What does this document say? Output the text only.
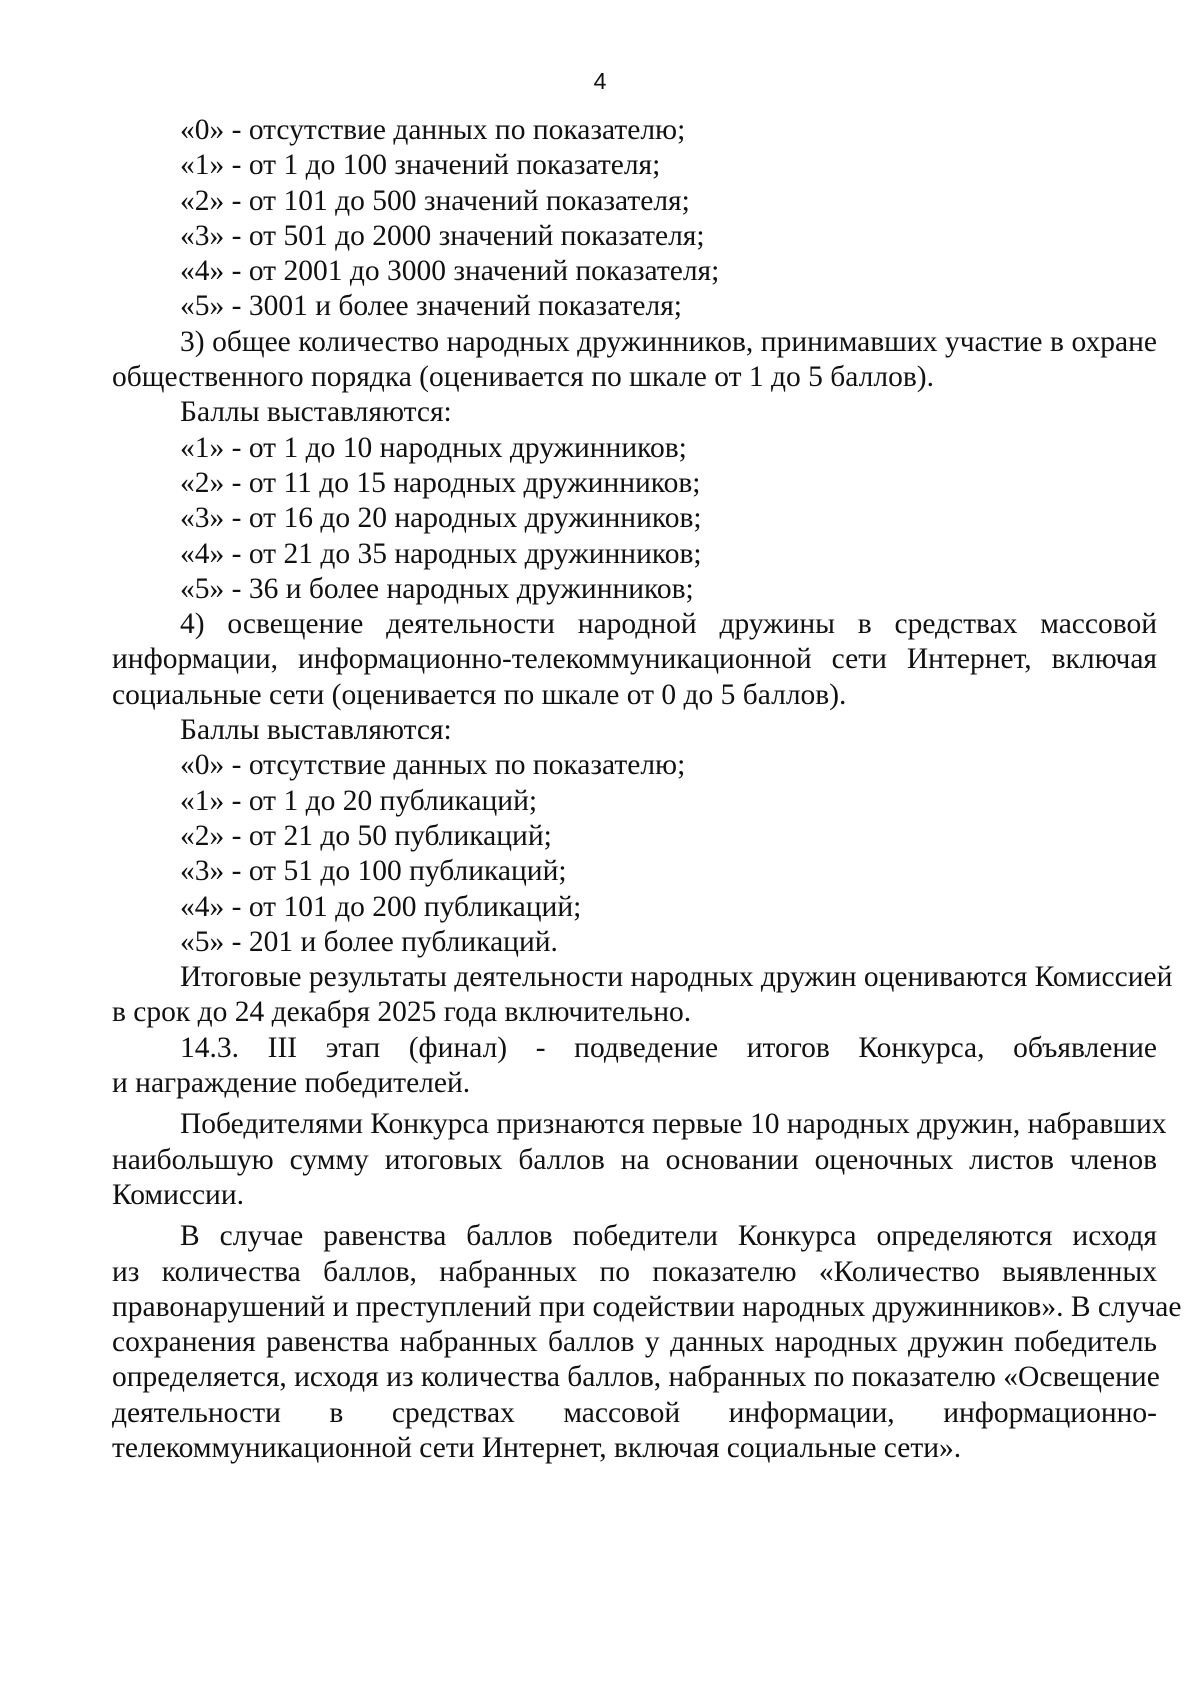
4
«0» - отсутствие данных по показателю;
«1» - от 1 до 100 значений показателя;
«2» - от 101 до 500 значений показателя;
«3» - от 501 до 2000 значений показателя;
«4» - от 2001 до 3000 значений показателя;
«5» - 3001 и более значений показателя;
3) общее количество народных дружинников, принимавших участие в охране
общественного порядка (оценивается по шкале от 1 до 5 баллов).
Баллы выставляются:
«1» - от 1 до 10 народных дружинников;
«2» - от 11 до 15 народных дружинников;
«3» - от 16 до 20 народных дружинников;
«4» - от 21 до 35 народных дружинников;
«5» - 36 и более народных дружинников;
4) освещение деятельности народной дружины в средствах массовой
информации, информационно-телекоммуникационной сети Интернет, включая
социальные сети (оценивается по шкале от 0 до 5 баллов).
Баллы выставляются:
«0» - отсутствие данных по показателю;
«1» - от 1 до 20 публикаций;
«2» - от 21 до 50 публикаций;
«3» - от 51 до 100 публикаций;
«4» - от 101 до 200 публикаций;
«5» - 201 и более публикаций.
Итоговые результаты деятельности народных дружин оцениваются Комиссией
в срок до 24 декабря 2025 года включительно.
14.3. III этап (финал) - подведение итогов Конкурса, объявление
и награждение победителей.
Победителями Конкурса признаются первые 10 народных дружин, набравших
наибольшую сумму итоговых баллов на основании оценочных листов членов
Комиссии.
В случае равенства баллов победители Конкурса определяются исходя
из количества баллов, набранных по показателю «Количество выявленных
правонарушений и преступлений при содействии народных дружинников». В случае
сохранения равенства набранных баллов у данных народных дружин победитель
определяется, исходя из количества баллов, набранных по показателю «Освещение
деятельности в средствах массовой информации, информационно-
телекоммуникационной сети Интернет, включая социальные сети».
